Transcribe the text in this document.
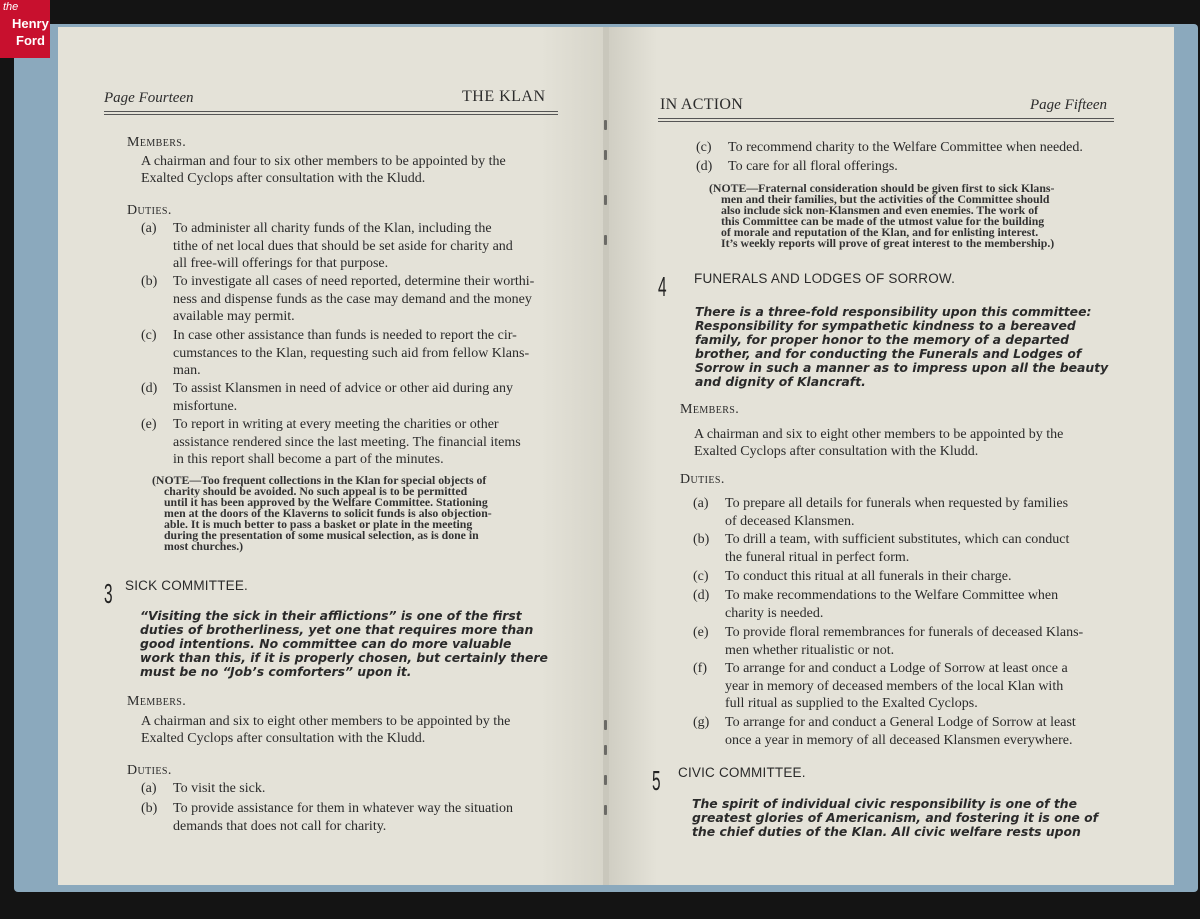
the
Henry
Ford
Page Fourteen	THE KLAN
Members.
A chairman and four to six other members to be appointed by the
Exalted Cyclops after consultation with the Kludd.
Duties.
(a) To administer all charity funds of the Klan, including the
tithe of net local dues that should be set aside for charity and
all free-will offerings for that purpose.
(b) To investigate all cases of need reported, determine their worthi-
ness and dispense funds as the case may demand and the money
available may permit.
(c) In case other assistance than funds is needed to report the cir-
cumstances to the Klan, requesting such aid from fellow Klans-
man.
(d) To assist Klansmen in need of advice or other aid during any
misfortune.
(e) To report in writing at every meeting the charities or other
assistance rendered since the last meeting. The financial items
in this report shall become a part of the minutes.
(NOTE—Too frequent collections in the Klan for special objects of
charity should be avoided. No such appeal is to be permitted
until it has been approved by the Welfare Committee. Stationing
men at the doors of the Klaverns to solicit funds is also objection-
able. It is much better to pass a basket or plate in the meeting
during the presentation of some musical selection, as is done in
most churches.)
3 SICK COMMITTEE.
“Visiting the sick in their afflictions” is one of the first
duties of brotherliness, yet one that requires more than
good intentions. No committee can do more valuable
work than this, if it is properly chosen, but certainly there
must be no “Job’s comforters” upon it.
Members.
A chairman and six to eight other members to be appointed by the
Exalted Cyclops after consultation with the Kludd.
Duties.
(a) To visit the sick.
(b) To provide assistance for them in whatever way the situation
demands that does not call for charity.
IN ACTION	Page Fifteen
(c) To recommend charity to the Welfare Committee when needed.
(d) To care for all floral offerings.
(NOTE—Fraternal consideration should be given first to sick Klans-
men and their families, but the activities of the Committee should
also include sick non-Klansmen and even enemies. The work of
this Committee can be made of the utmost value for the building
of morale and reputation of the Klan, and for enlisting interest.
It’s weekly reports will prove of great interest to the membership.)
4 FUNERALS AND LODGES OF SORROW.
There is a three-fold responsibility upon this committee:
Responsibility for sympathetic kindness to a bereaved
family, for proper honor to the memory of a departed
brother, and for conducting the Funerals and Lodges of
Sorrow in such a manner as to impress upon all the beauty
and dignity of Klancraft.
Members.
A chairman and six to eight other members to be appointed by the
Exalted Cyclops after consultation with the Kludd.
Duties.
(a) To prepare all details for funerals when requested by families
of deceased Klansmen.
(b) To drill a team, with sufficient substitutes, which can conduct
the funeral ritual in perfect form.
(c) To conduct this ritual at all funerals in their charge.
(d) To make recommendations to the Welfare Committee when
charity is needed.
(e) To provide floral remembrances for funerals of deceased Klans-
men whether ritualistic or not.
(f) To arrange for and conduct a Lodge of Sorrow at least once a
year in memory of deceased members of the local Klan with
full ritual as supplied to the Exalted Cyclops.
(g) To arrange for and conduct a General Lodge of Sorrow at least
once a year in memory of all deceased Klansmen everywhere.
5 CIVIC COMMITTEE.
The spirit of individual civic responsibility is one of the
greatest glories of Americanism, and fostering it is one of
the chief duties of the Klan. All civic welfare rests upon
